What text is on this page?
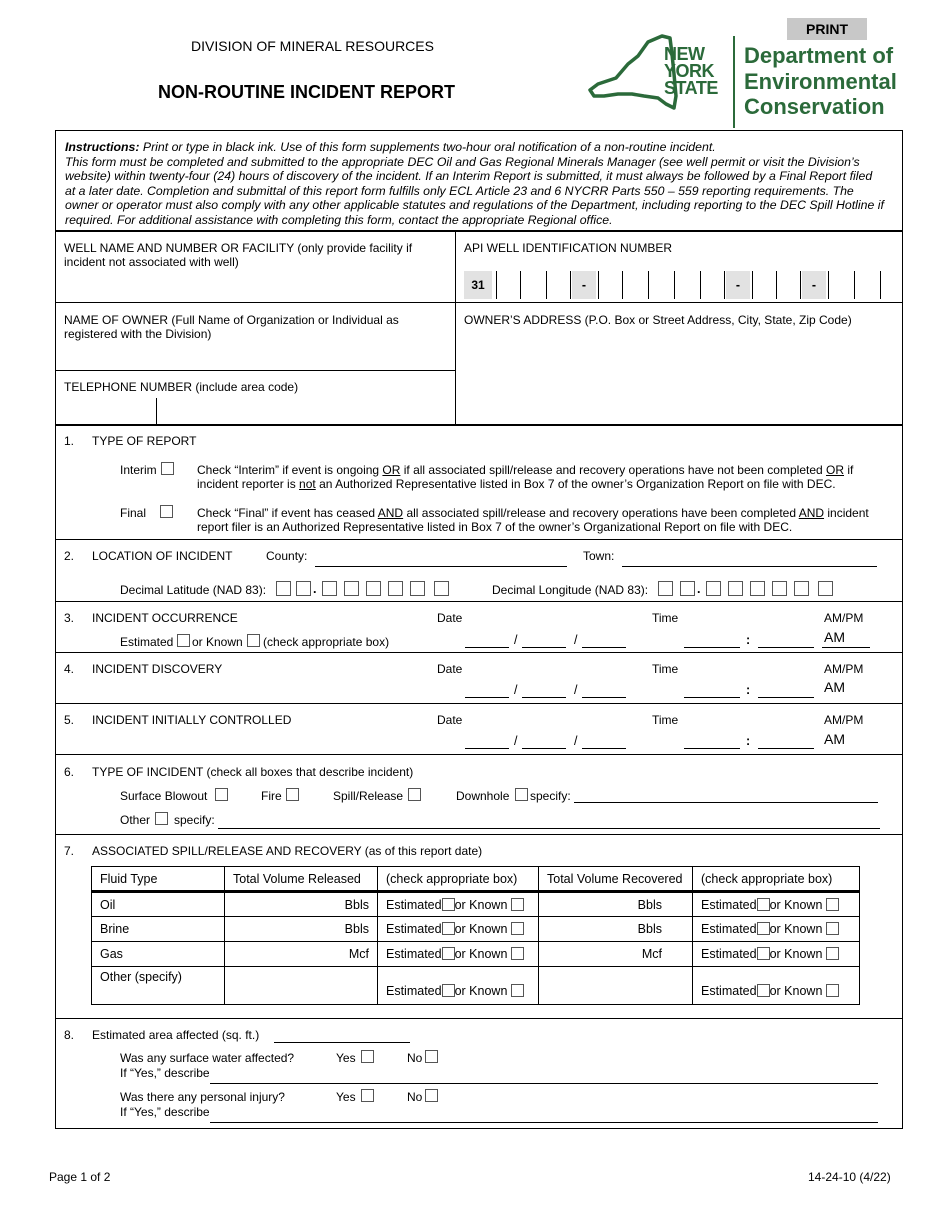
PRINT
DIVISION OF MINERAL RESOURCES
NON-ROUTINE INCIDENT REPORT
NEW
YORK
STATE
Department of
Environmental
Conservation
Instructions: Print or type in black ink. Use of this form supplements two-hour oral notification of a non-routine incident.
This form must be completed and submitted to the appropriate DEC Oil and Gas Regional Minerals Manager (see well permit or visit the Division’s
website) within twenty-four (24) hours of discovery of the incident. If an Interim Report is submitted, it must always be followed by a Final Report filed
at a later date. Completion and submittal of this report form fulfills only ECL Article 23 and 6 NYCRR Parts 550 – 559 reporting requirements. The
owner or operator must also comply with any other applicable statutes and regulations of the Department, including reporting to the DEC Spill Hotline if
required. For additional assistance with completing this form, contact the appropriate Regional office.
WELL NAME AND NUMBER OR FACILITY (only provide facility if
incident not associated with well)
API WELL IDENTIFICATION NUMBER
31	-	-	-
NAME OF OWNER (Full Name of Organization or Individual as
registered with the Division)
OWNER’S ADDRESS (P.O. Box or Street Address, City, State, Zip Code)
TELEPHONE NUMBER (include area code)
1. TYPE OF REPORT
Interim	Check “Interim” if event is ongoing OR if all associated spill/release and recovery operations have not been completed OR if
incident reporter is not an Authorized Representative listed in Box 7 of the owner’s Organization Report on file with DEC.
Final	Check “Final” if event has ceased AND all associated spill/release and recovery operations have been completed AND incident
report filer is an Authorized Representative listed in Box 7 of the owner’s Organizational Report on file with DEC.
2. LOCATION OF INCIDENT	County:	Town:
Decimal Latitude (NAD 83):	.	Decimal Longitude (NAD 83):	.
3. INCIDENT OCCURRENCE	Date	Time	AM/PM
Estimated or Known (check appropriate box)	/	/	:	AM
4. INCIDENT DISCOVERY	Date	Time	AM/PM
/	/	:	AM
5. INCIDENT INITIALLY CONTROLLED	Date	Time	AM/PM
/	/	:	AM
6. TYPE OF INCIDENT (check all boxes that describe incident)
Surface Blowout	Fire	Spill/Release	Downhole specify:
Other specify:
7. ASSOCIATED SPILL/RELEASE AND RECOVERY (as of this report date)
Fluid Type	Total Volume Released	(check appropriate box)	Total Volume Recovered	(check appropriate box)
Oil	Bbls	Estimated or Known	Bbls	Estimated or Known
Brine	Bbls	Estimated or Known	Bbls	Estimated or Known
Gas	Mcf	Estimated or Known	Mcf	Estimated or Known
Other (specify)		Estimated or Known		Estimated or Known
8. Estimated area affected (sq. ft.)
Was any surface water affected?	Yes	No
If “Yes,” describe
Was there any personal injury?	Yes	No
If “Yes,” describe
Page 1 of 2	14-24-10 (4/22)
